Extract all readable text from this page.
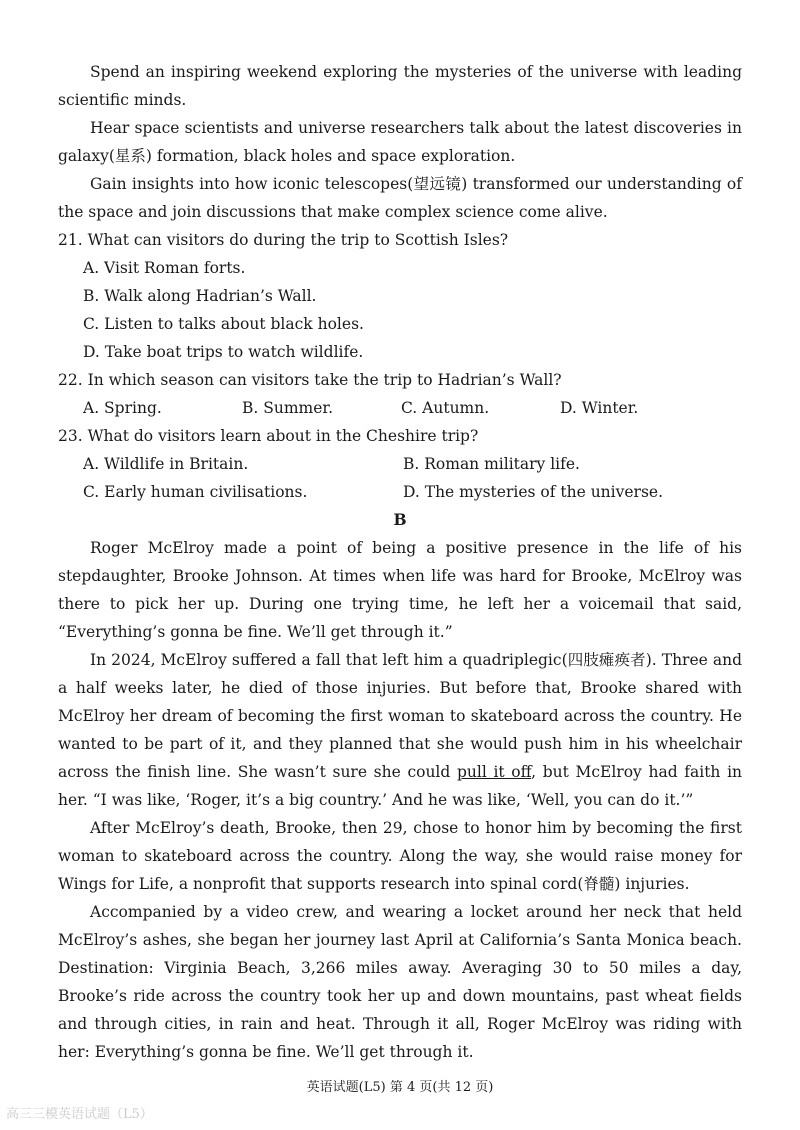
Spend an inspiring weekend exploring the mysteries of the universe with leading scientific minds.

Hear space scientists and universe researchers talk about the latest discoveries in galaxy(星系) formation, black holes and space exploration.

Gain insights into how iconic telescopes(望远镜) transformed our understanding of the space and join discussions that make complex science come alive.

21. What can visitors do during the trip to Scottish Isles?

A. Visit Roman forts.

B. Walk along Hadrian’s Wall.

C. Listen to talks about black holes.

D. Take boat trips to watch wildlife.

22. In which season can visitors take the trip to Hadrian’s Wall?

A. Spring.	B. Summer.	C. Autumn.	D. Winter.

23. What do visitors learn about in the Cheshire trip?

A. Wildlife in Britain.	B. Roman military life.
C. Early human civilisations.	D. The mysteries of the universe.

B

Roger McElroy made a point of being a positive presence in the life of his stepdaughter, Brooke Johnson. At times when life was hard for Brooke, McElroy was there to pick her up. During one trying time, he left her a voicemail that said, “Everything’s gonna be fine. We’ll get through it.”

In 2024, McElroy suffered a fall that left him a quadriplegic(四肢瘫痪者). Three and a half weeks later, he died of those injuries. But before that, Brooke shared with McElroy her dream of becoming the first woman to skateboard across the country. He wanted to be part of it, and they planned that she would push him in his wheelchair across the finish line. She wasn’t sure she could pull it off, but McElroy had faith in her. “I was like, ‘Roger, it’s a big country.’ And he was like, ‘Well, you can do it.’”

After McElroy’s death, Brooke, then 29, chose to honor him by becoming the first woman to skateboard across the country. Along the way, she would raise money for Wings for Life, a nonprofit that supports research into spinal cord(脊髓) injuries.

Accompanied by a video crew, and wearing a locket around her neck that held McElroy’s ashes, she began her journey last April at California’s Santa Monica beach. Destination: Virginia Beach, 3,266 miles away. Averaging 30 to 50 miles a day, Brooke’s ride across the country took her up and down mountains, past wheat fields and through cities, in rain and heat. Through it all, Roger McElroy was riding with her: Everything’s gonna be fine. We’ll get through it.

英语试题(L5) 第 4 页(共 12 页)
高三三模英语试题（L5）
